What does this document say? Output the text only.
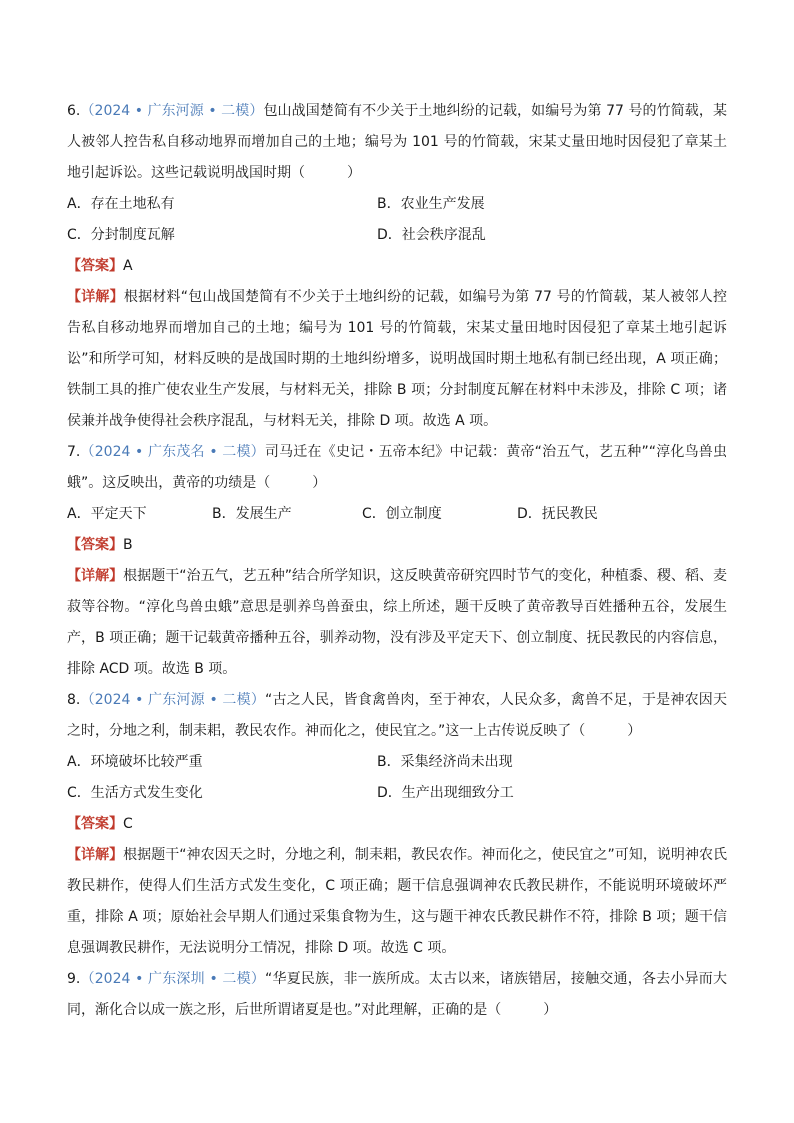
6.（2024 • 广东河源 • 二模）包山战国楚简有不少关于土地纠纷的记载，如编号为第 77 号的竹简载，某人被邻人控告私自移动地界而增加自己的土地；编号为 101 号的竹简载，宋某丈量田地时因侵犯了章某土地引起诉讼。这些记载说明战国时期（　　　）

A．存在土地私有	B．农业生产发展
C．分封制度瓦解	D．社会秩序混乱

【答案】A

【详解】根据材料“包山战国楚简有不少关于土地纠纷的记载，如编号为第 77 号的竹简载，某人被邻人控告私自移动地界而增加自己的土地；编号为 101 号的竹简载，宋某丈量田地时因侵犯了章某土地引起诉讼”和所学可知，材料反映的是战国时期的土地纠纷增多，说明战国时期土地私有制已经出现，A 项正确；铁制工具的推广使农业生产发展，与材料无关，排除 B 项；分封制度瓦解在材料中未涉及，排除 C 项；诸侯兼并战争使得社会秩序混乱，与材料无关，排除 D 项。故选 A 项。

7.（2024 • 广东茂名 • 二模）司马迁在《史记・五帝本纪》中记载：黄帝“治五气，艺五种”“淳化鸟兽虫蛾”。这反映出，黄帝的功绩是（　　　）

A．平定天下	B．发展生产	C．创立制度	D．抚民教民

【答案】B

【详解】根据题干“治五气，艺五种”结合所学知识，这反映黄帝研究四时节气的变化，种植黍、稷、稻、麦菽等谷物。“淳化鸟兽虫蛾”意思是驯养鸟兽蚕虫，综上所述，题干反映了黄帝教导百姓播种五谷，发展生产，B 项正确；题干记载黄帝播种五谷，驯养动物，没有涉及平定天下、创立制度、抚民教民的内容信息，排除 ACD 项。故选 B 项。

8.（2024 • 广东河源 • 二模）“古之人民，皆食禽兽肉，至于神农，人民众多，禽兽不足，于是神农因天之时，分地之利，制耒耜，教民农作。神而化之，使民宜之。”这一上古传说反映了（　　　）

A．环境破坏比较严重	B．采集经济尚未出现
C．生活方式发生变化	D．生产出现细致分工

【答案】C

【详解】根据题干“神农因天之时，分地之利，制耒耜，教民农作。神而化之，使民宜之”可知，说明神农氏教民耕作，使得人们生活方式发生变化，C 项正确；题干信息强调神农氏教民耕作，不能说明环境破坏严重，排除 A 项；原始社会早期人们通过采集食物为生，这与题干神农氏教民耕作不符，排除 B 项；题干信息强调教民耕作，无法说明分工情况，排除 D 项。故选 C 项。

9.（2024 • 广东深圳 • 二模）“华夏民族，非一族所成。太古以来，诸族错居，接触交通，各去小异而大同，渐化合以成一族之形，后世所谓诸夏是也。”对此理解，正确的是（　　　）
